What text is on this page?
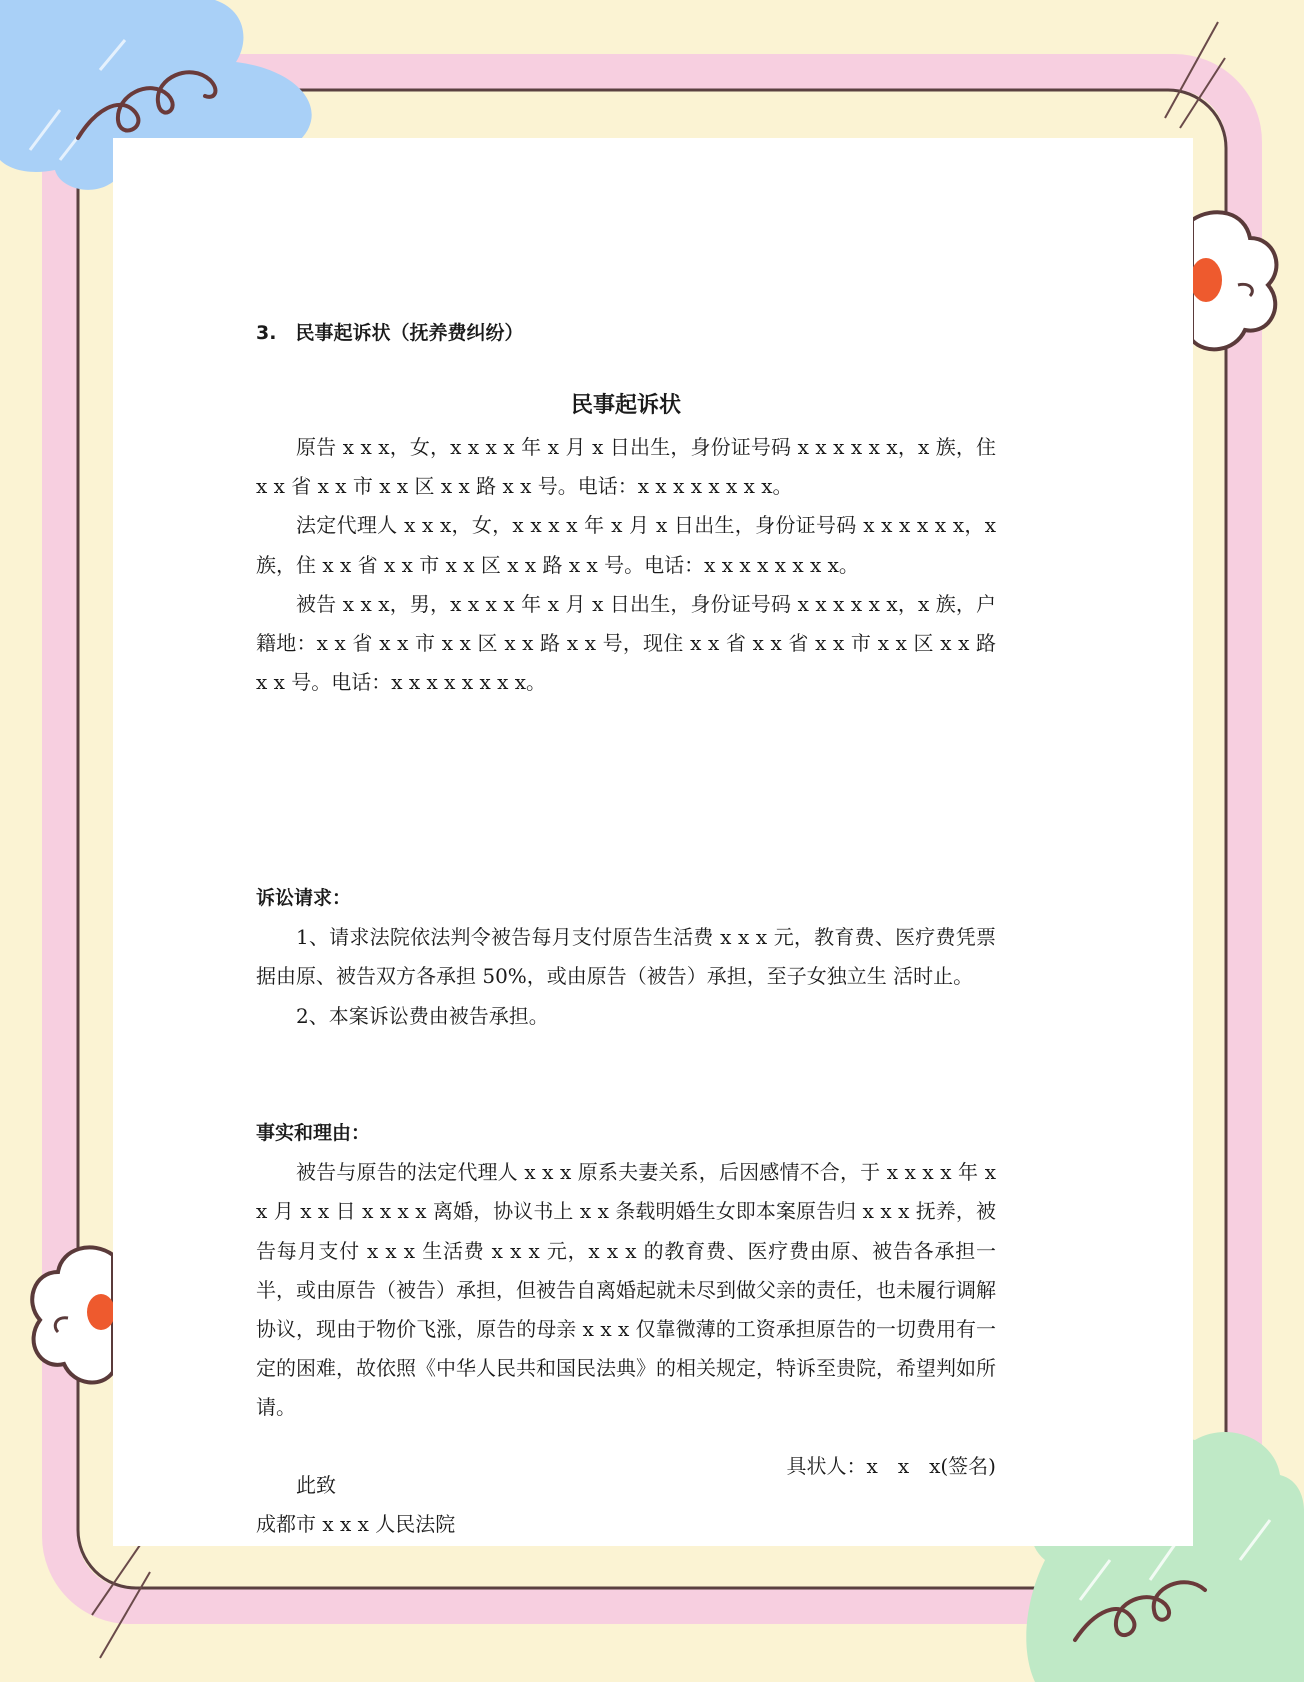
3.　民事起诉状（抚养费纠纷）
民事起诉状

原告 x x x，女，x x x x 年 x 月 x 日出生，身份证号码 x x x x x x，x 族，住 x x 省 x x 市 x x 区 x x 路 x x 号。电话：x x x x x x x x。

法定代理人 x x x，女，x x x x 年 x 月 x 日出生，身份证号码 x x x x x x，x 族，住 x x 省 x x 市 x x 区 x x 路 x x 号。电话：x x x x x x x x。

被告 x x x，男，x x x x 年 x 月 x 日出生，身份证号码 x x x x x x，x 族，户籍地：x x 省 x x 市 x x 区 x x 路 x x 号，现住 x x 省 x x 省 x x 市 x x 区 x x 路 x x 号。电话：x x x x x x x x。

诉讼请求：

1、请求法院依法判令被告每月支付原告生活费 x x x 元，教育费、医疗费凭票据由原、被告双方各承担 50%，或由原告（被告）承担，至子女独立生 活时止。

2、本案诉讼费由被告承担。

事实和理由：

被告与原告的法定代理人 x x x 原系夫妻关系，后因感情不合，于 x x x x 年 x x 月 x x 日 x x x x 离婚，协议书上 x x 条载明婚生女即本案原告归 x x x 抚养，被告每月支付 x x x 生活费 x x x 元，x x x 的教育费、医疗费由原、被告各承担一半，或由原告（被告）承担，但被告自离婚起就未尽到做父亲的责任，也未履行调解协议，现由于物价飞涨，原告的母亲 x x x 仅靠微薄的工资承担原告的一切费用有一定的困难，故依照《中华人民共和国民法典》的相关规定，特诉至贵院，希望判如所请。

此致

成都市 x x x 人民法院

具状人：x　x　x(签名)
